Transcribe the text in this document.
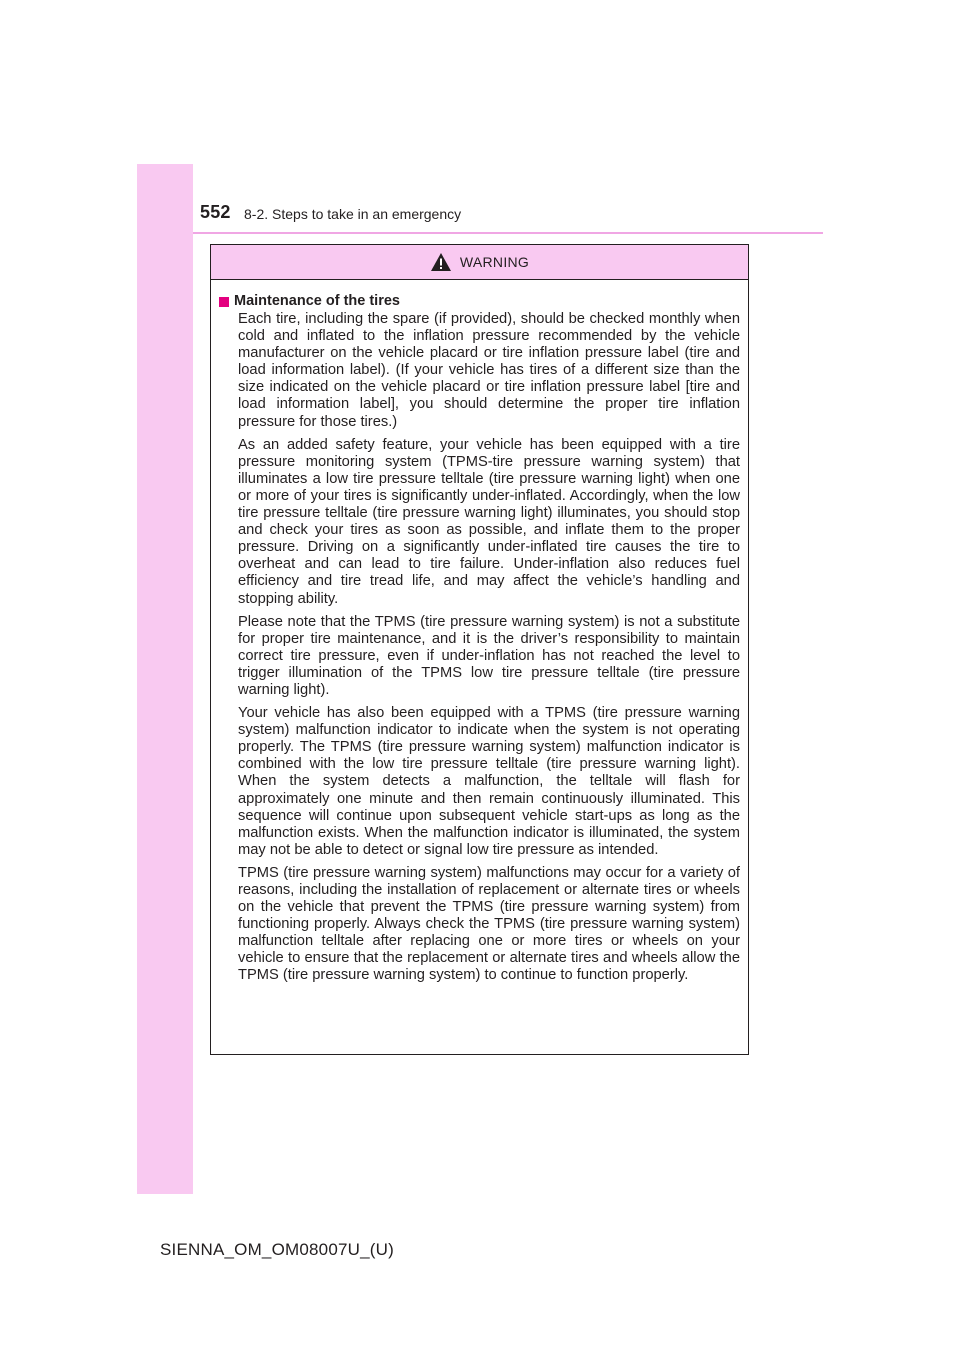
552 8-2. Steps to take in an emergency
WARNING
Maintenance of the tires

Each tire, including the spare (if provided), should be checked monthly when cold and inflated to the inflation pressure recommended by the vehicle manufacturer on the vehicle placard or tire inflation pressure label (tire and load information label). (If your vehicle has tires of a different size than the size indicated on the vehicle placard or tire inflation pressure label [tire and load information label], you should determine the proper tire inflation pressure for those tires.)

As an added safety feature, your vehicle has been equipped with a tire pressure monitoring system (TPMS-tire pressure warning system) that illuminates a low tire pressure telltale (tire pressure warning light) when one or more of your tires is significantly under-inflated. Accordingly, when the low tire pressure telltale (tire pressure warning light) illuminates, you should stop and check your tires as soon as possible, and inflate them to the proper pressure. Driving on a significantly under-inflated tire causes the tire to overheat and can lead to tire failure. Under-inflation also reduces fuel efficiency and tire tread life, and may affect the vehicle’s handling and stopping ability.

Please note that the TPMS (tire pressure warning system) is not a substitute for proper tire maintenance, and it is the driver’s responsibility to maintain correct tire pressure, even if under-inflation has not reached the level to trigger illumination of the TPMS low tire pressure telltale (tire pressure warning light).

Your vehicle has also been equipped with a TPMS (tire pressure warning system) malfunction indicator to indicate when the system is not operating properly. The TPMS (tire pressure warning system) malfunction indicator is combined with the low tire pressure telltale (tire pressure warning light). When the system detects a malfunction, the telltale will flash for approximately one minute and then remain continuously illuminated. This sequence will continue upon subsequent vehicle start-ups as long as the malfunction exists. When the malfunction indicator is illuminated, the system may not be able to detect or signal low tire pressure as intended.

TPMS (tire pressure warning system) malfunctions may occur for a variety of reasons, including the installation of replacement or alternate tires or wheels on the vehicle that prevent the TPMS (tire pressure warning system) from functioning properly. Always check the TPMS (tire pressure warning system) malfunction telltale after replacing one or more tires or wheels on your vehicle to ensure that the replacement or alternate tires and wheels allow the TPMS (tire pressure warning system) to continue to function properly.

SIENNA_OM_OM08007U_(U)
